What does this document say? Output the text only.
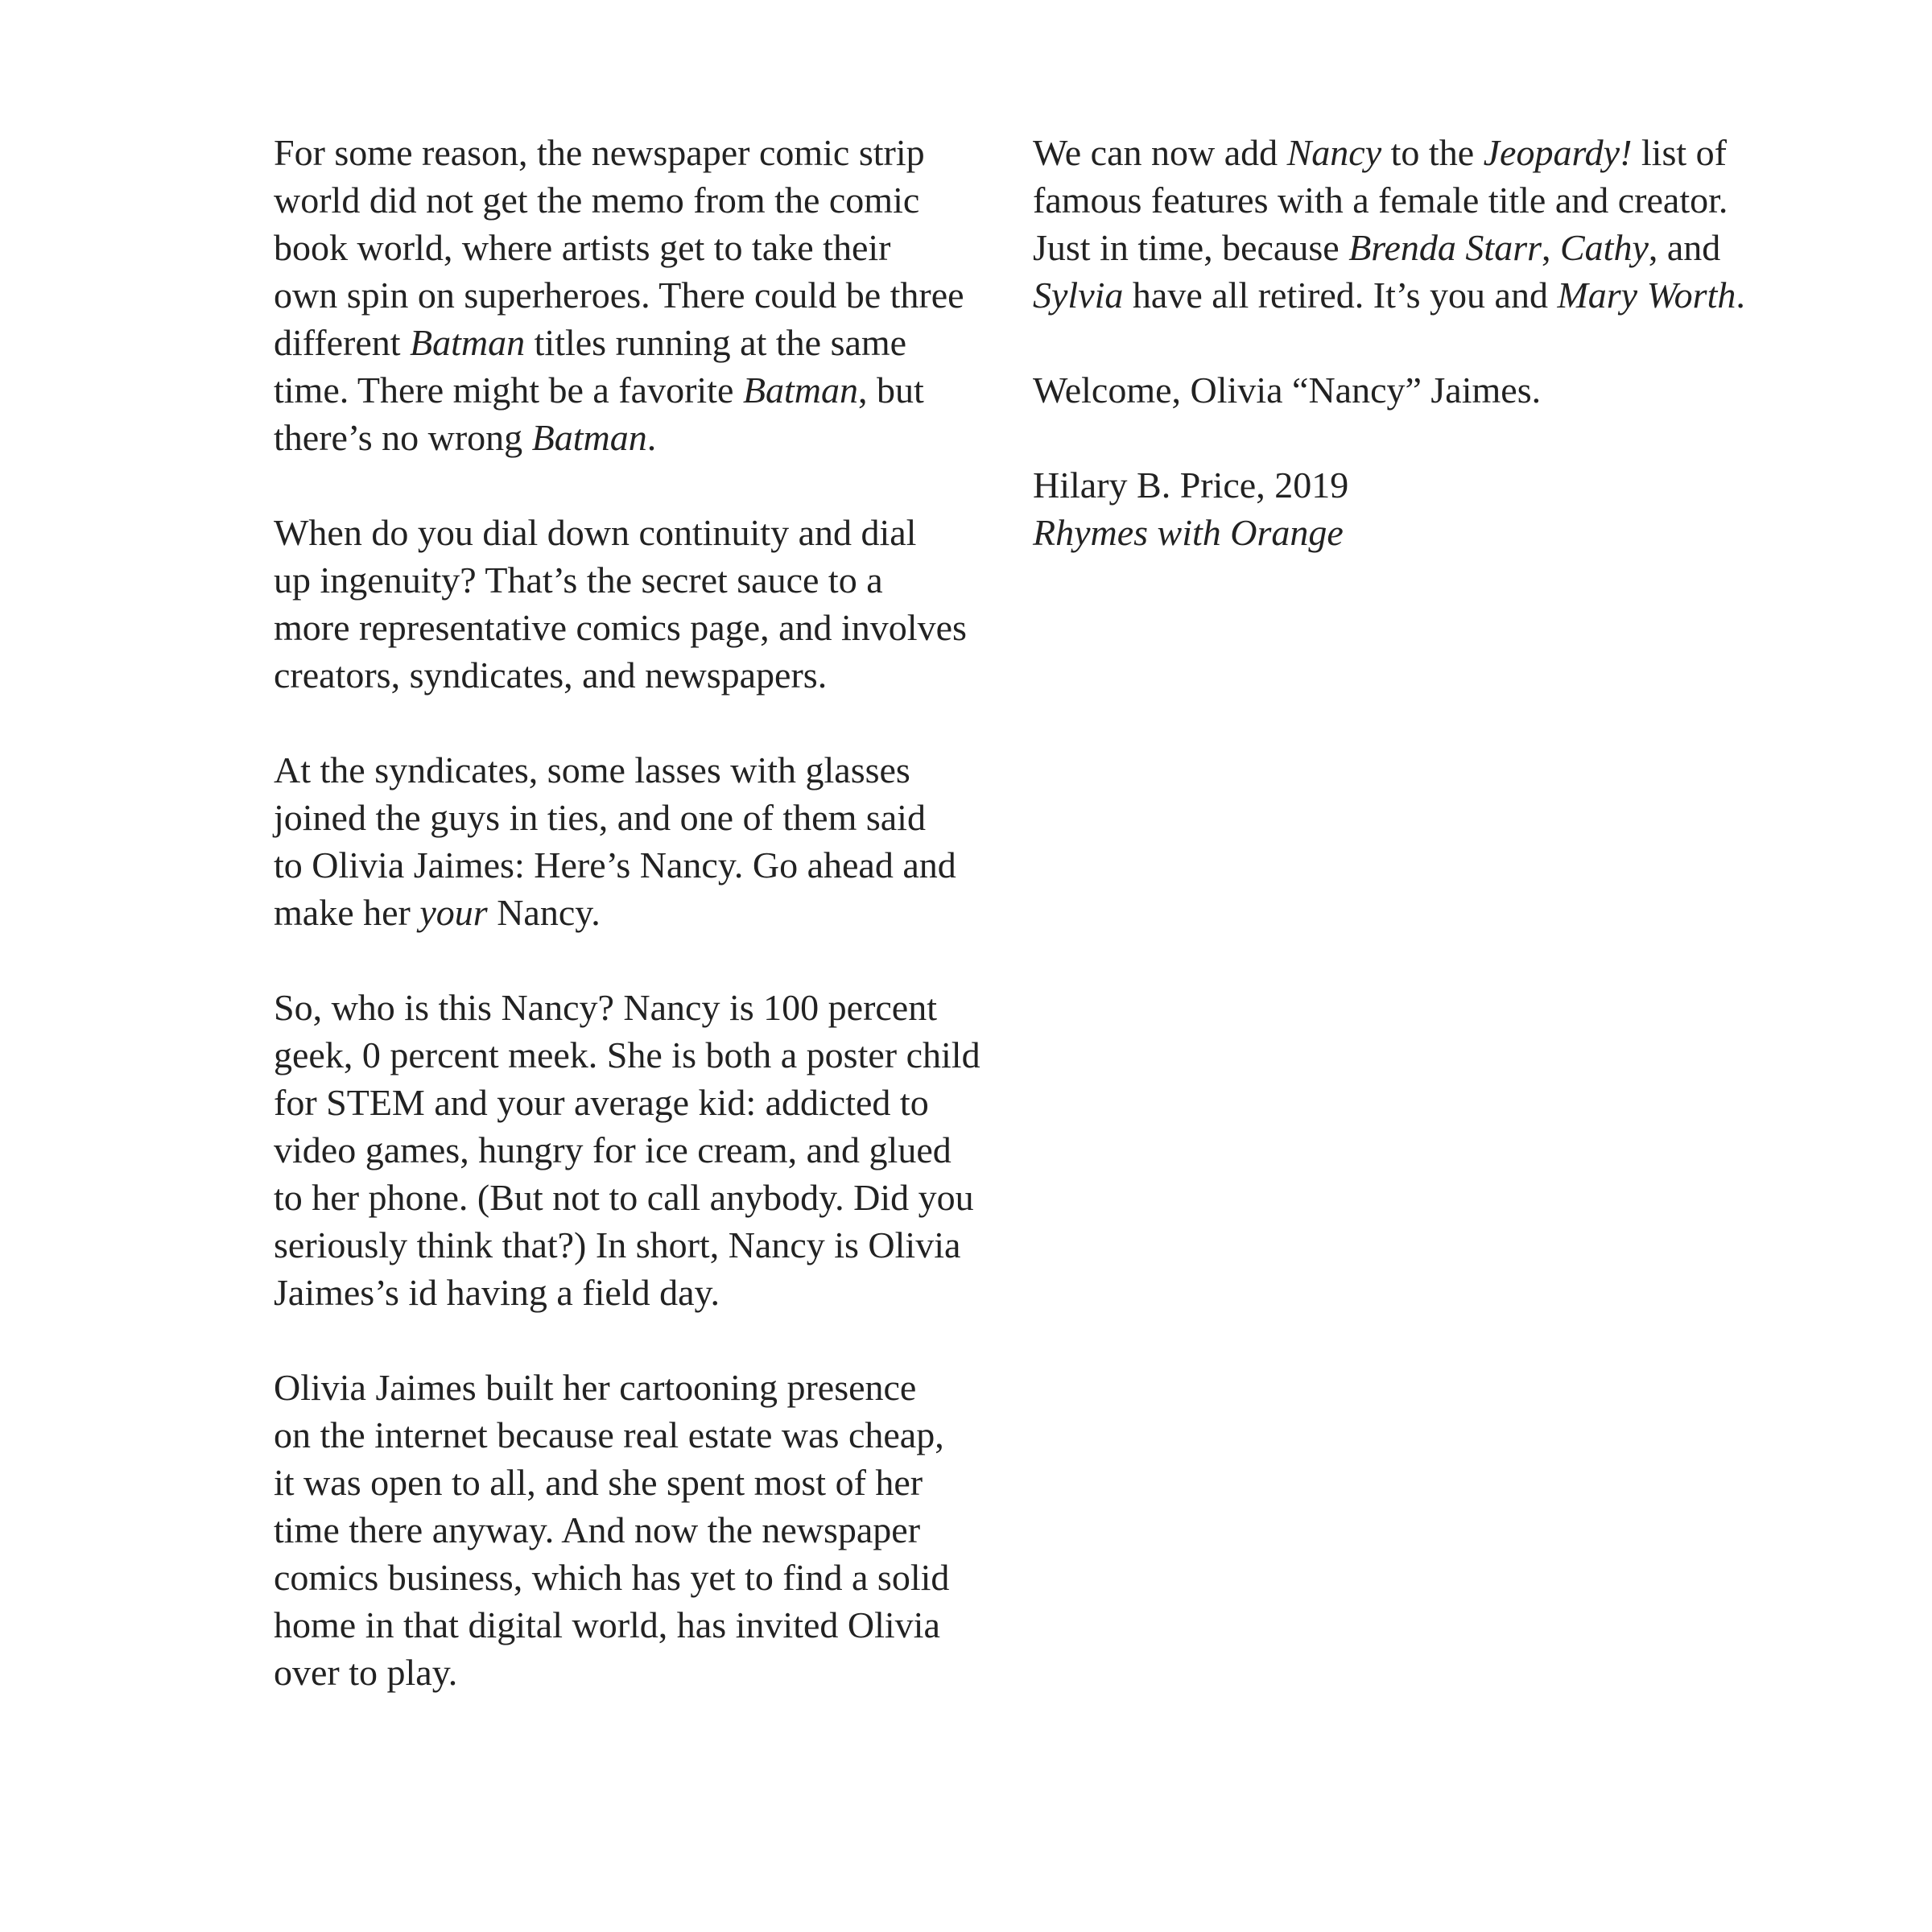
For some reason, the newspaper comic strip
world did not get the memo from the comic
book world, where artists get to take their
own spin on superheroes. There could be three
different Batman titles running at the same
time. There might be a favorite Batman, but
there’s no wrong Batman.
When do you dial down continuity and dial
up ingenuity? That’s the secret sauce to a
more representative comics page, and involves
creators, syndicates, and newspapers.
At the syndicates, some lasses with glasses
joined the guys in ties, and one of them said
to Olivia Jaimes: Here’s Nancy. Go ahead and
make her your Nancy.
So, who is this Nancy? Nancy is 100 percent
geek, 0 percent meek. She is both a poster child
for STEM and your average kid: addicted to
video games, hungry for ice cream, and glued
to her phone. (But not to call anybody. Did you
seriously think that?) In short, Nancy is Olivia
Jaimes’s id having a field day.
Olivia Jaimes built her cartooning presence
on the internet because real estate was cheap,
it was open to all, and she spent most of her
time there anyway. And now the newspaper
comics business, which has yet to find a solid
home in that digital world, has invited Olivia
over to play.
We can now add Nancy to the Jeopardy! list of
famous features with a female title and creator.
Just in time, because Brenda Starr, Cathy, and
Sylvia have all retired. It’s you and Mary Worth.
Welcome, Olivia “Nancy” Jaimes.
Hilary B. Price, 2019
Rhymes with Orange
